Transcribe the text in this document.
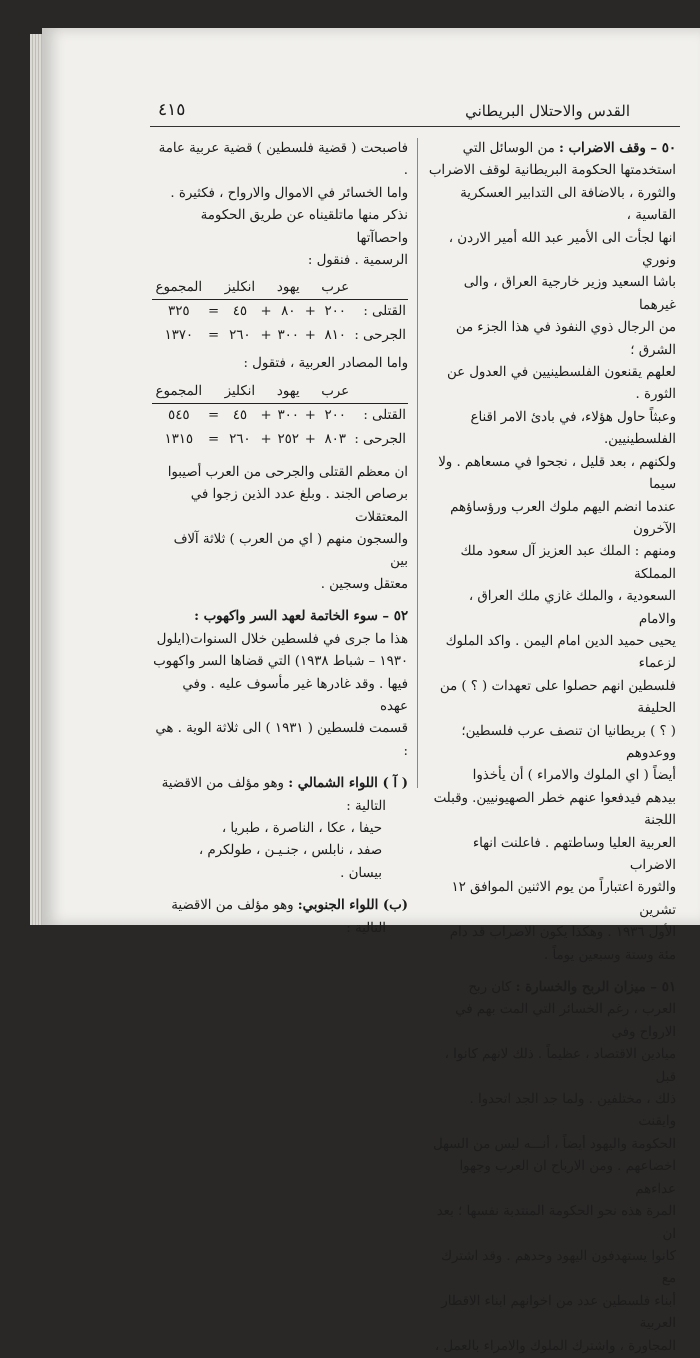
القدس والاحتلال البريطاني
٤١٥

٥٠ – وقف الاضراب : من الوسائل التي

استخدمتها الحكومة البريطانية لوقف الاضراب

والثورة ، بالاضافة الى التدابير العسكرية القاسية ،

انها لجأت الى الأمير عبد الله أمير الاردن ، ونوري

باشا السعيد وزير خارجية العراق ، والى غيرهما

من الرجال ذوي النفوذ في هذا الجزء من الشرق ؛

لعلهم يقنعون الفلسطينيين في العدول عن الثورة .

وعبثاً حاول هؤلاء، في بادئ الامر اقناع الفلسطينيين.

ولكنهم ، بعد قليل ، نجحوا في مسعاهم . ولا سيما

عندما انضم اليهم ملوك العرب ورؤساؤهم الآخرون

ومنهم : الملك عبد العزيز آل سعود ملك المملكة

السعودية ، والملك غازي ملك العراق ، والامام

يحيى حميد الدين امام اليمن . واكد الملوك لزعماء

فلسطين انهم حصلوا على تعهدات ( ؟ ) من الحليفة

( ؟ ) بريطانيا ان تنصف عرب فلسطين؛ ووعدوهم

أيضاً ( اي الملوك والامراء ) أن يأخذوا

بيدهم فيدفعوا عنهم خطر الصهيونيين. وقبلت اللجنة

العربية العليا وساطتهم . فاعلنت انهاء الاضراب

والثورة اعتباراً من يوم الاثنين الموافق ١٢ تشرين

الأول ١٩٣٦ . وهكذا يكون الاضراب قد دام

مئة وستة وسبعين يوماً .

٥١ – ميزان الربح والخسارة : كان ربح

العرب ، رغم الخسائر التي المت بهم في الارواح وفي

ميادين الاقتصاد ، عظيماً . ذلك لانهم كانوا ، قبل

ذلك ، مختلفين . ولما جد الجد اتحدوا . وايقنت

الحكومة واليهود أيضاً ، أنـــه ليس من السهل

اخضاعهم . ومن الارباح ان العرب وجهوا عداءهم

المرة هذه نحو الحكومة المنتدبة نفسها ؛ بعد ان

كانوا يستهدفون اليهود وحدهم . وقد اشترك مع

أبناء فلسطين عدد من اخوانهم ابناء الاقطار العربية

المجاورة ، واشترك الملوك والامراء بالعمل ،

فاصبحت ( قضية فلسطين ) قضية عربية عامة .

واما الخسائر في الاموال والارواح ، فكثيرة .

نذكر منها ماتلقيناه عن طريق الحكومة واحصاآتها

الرسمية . فنقول :

	عرب		يهود		انكليز		المجموع
القتلى :	٢٠٠	+	٨٠	+	٤٥	=	٣٢٥
الجرحى :	٨١٠	+	٣٠٠	+	٢٦٠	=	١٣٧٠

واما المصادر العربية ، فتقول :

	عرب		يهود		انكليز		المجموع
القتلى :	٢٠٠	+	٣٠٠	+	٤٥	=	٥٤٥
الجرحى :	٨٠٣	+	٢٥٢	+	٢٦٠	=	١٣١٥

ان معظم القتلى والجرحى من العرب أصيبوا

برصاص الجند . وبلغ عدد الذين زجوا في المعتقلات

والسجون منهم ( اي من العرب ) ثلاثة آلاف بين

معتقل وسجين .

٥٢ – سوء الخاتمة لعهد السر واكهوب :

هذا ما جرى في فلسطين خلال السنوات(ايلول

١٩٣٠ – شباط ١٩٣٨) التي قضاها السر واكهوب

فيها . وقد غادرها غير مأسوف عليه . وفي عهده

قسمت فلسطين ( ١٩٣١ ) الى ثلاثة الوية . هي :

( آ ) اللواء الشمالي : وهو مؤلف من الاقضية

التالية :

حيفا ، عكا ، الناصرة ، طبريا ،

صفد ، نابلس ، جنـيـن ، طولكرم ،

بيسان .

(ب) اللواء الجنوبي: وهو مؤلف من الاقضية

التالية :
